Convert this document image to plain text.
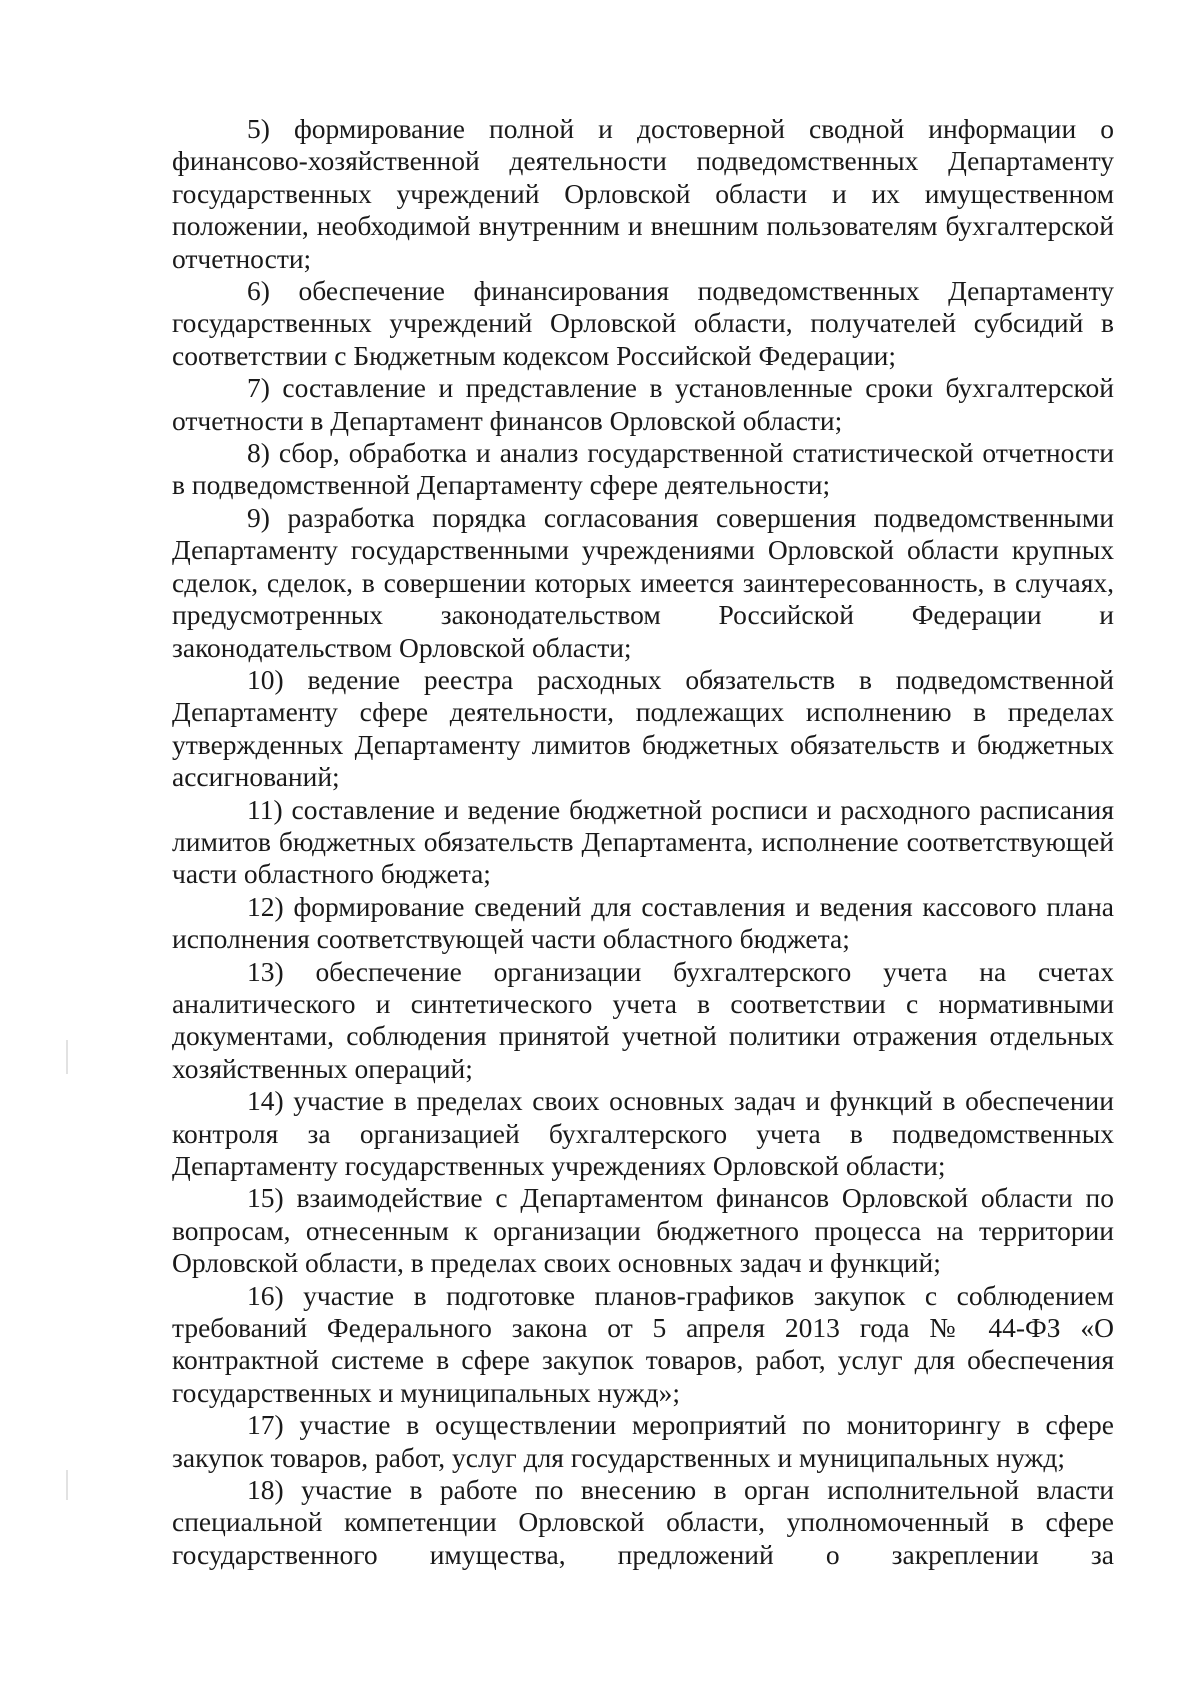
5) формирование полной и достоверной сводной информации о финансово-хозяйственной деятельности подведомственных Департаменту государственных учреждений Орловской области и их имущественном положении, необходимой внутренним и внешним пользователям бухгалтерской отчетности;

6) обеспечение финансирования подведомственных Департаменту государственных учреждений Орловской области, получателей субсидий в соответствии с Бюджетным кодексом Российской Федерации;

7) составление и представление в установленные сроки бухгалтерской отчетности в Департамент финансов Орловской области;

8) сбор, обработка и анализ государственной статистической отчетности в подведомственной Департаменту сфере деятельности;

9) разработка порядка согласования совершения подведомственными Департаменту государственными учреждениями Орловской области крупных сделок, сделок, в совершении которых имеется заинтересованность, в случаях, предусмотренных законодательством Российской Федерации и законодательством Орловской области;

10) ведение реестра расходных обязательств в подведомственной Департаменту сфере деятельности, подлежащих исполнению в пределах утвержденных Департаменту лимитов бюджетных обязательств и бюджетных ассигнований;

11) составление и ведение бюджетной росписи и расходного расписания лимитов бюджетных обязательств Департамента, исполнение соответствующей части областного бюджета;

12) формирование сведений для составления и ведения кассового плана исполнения соответствующей части областного бюджета;

13) обеспечение организации бухгалтерского учета на счетах аналитического и синтетического учета в соответствии с нормативными документами, соблюдения принятой учетной политики отражения отдельных хозяйственных операций;

14) участие в пределах своих основных задач и функций в обеспечении контроля за организацией бухгалтерского учета в подведомственных Департаменту государственных учреждениях Орловской области;

15) взаимодействие с Департаментом финансов Орловской области по вопросам, отнесенным к организации бюджетного процесса на территории Орловской области, в пределах своих основных задач и функций;

16) участие в подготовке планов-графиков закупок с соблюдением требований Федерального закона от 5 апреля 2013 года № 44-ФЗ «О контрактной системе в сфере закупок товаров, работ, услуг для обеспечения государственных и муниципальных нужд»;

17) участие в осуществлении мероприятий по мониторингу в сфере закупок товаров, работ, услуг для государственных и муниципальных нужд;

18) участие в работе по внесению в орган исполнительной власти специальной компетенции Орловской области, уполномоченный в сфере государственного имущества, предложений о закреплении за
